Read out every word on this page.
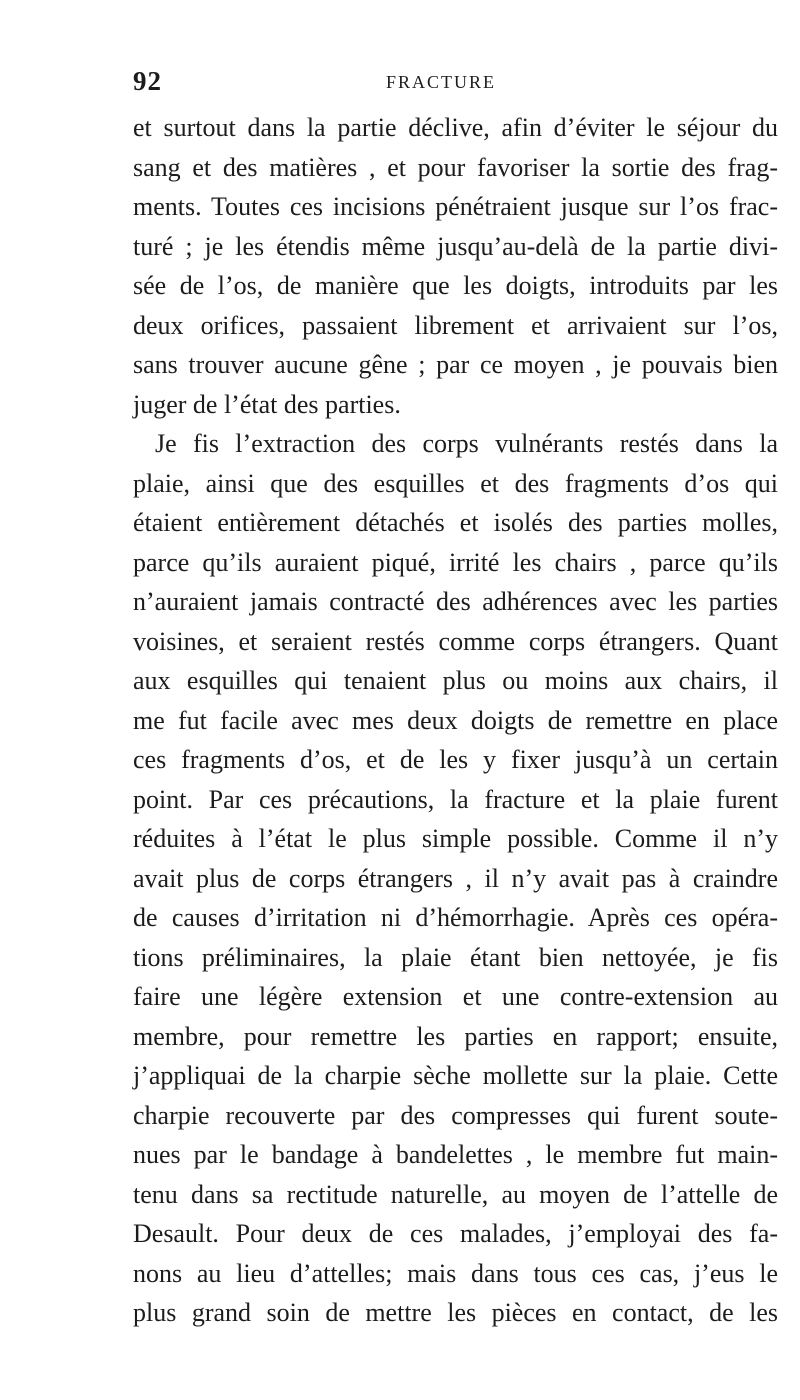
92	FRACTURE
et surtout dans la partie déclive, afin d’éviter le séjour du
sang et des matières , et pour favoriser la sortie des frag-
ments. Toutes ces incisions pénétraient jusque sur l’os frac-
turé ; je les étendis même jusqu’au-delà de la partie divi-
sée de l’os, de manière que les doigts, introduits par les
deux orifices, passaient librement et arrivaient sur l’os,
sans trouver aucune gêne ; par ce moyen , je pouvais bien
juger de l’état des parties.
Je fis l’extraction des corps vulnérants restés dans la
plaie, ainsi que des esquilles et des fragments d’os qui
étaient entièrement détachés et isolés des parties molles,
parce qu’ils auraient piqué, irrité les chairs , parce qu’ils
n’auraient jamais contracté des adhérences avec les parties
voisines, et seraient restés comme corps étrangers. Quant
aux esquilles qui tenaient plus ou moins aux chairs, il
me fut facile avec mes deux doigts de remettre en place
ces fragments d’os, et de les y fixer jusqu’à un certain
point. Par ces précautions, la fracture et la plaie furent
réduites à l’état le plus simple possible. Comme il n’y
avait plus de corps étrangers , il n’y avait pas à craindre
de causes d’irritation ni d’hémorrhagie. Après ces opéra-
tions préliminaires, la plaie étant bien nettoyée, je fis
faire une légère extension et une contre-extension au
membre, pour remettre les parties en rapport; ensuite,
j’appliquai de la charpie sèche mollette sur la plaie. Cette
charpie recouverte par des compresses qui furent soute-
nues par le bandage à bandelettes , le membre fut main-
tenu dans sa rectitude naturelle, au moyen de l’attelle de
Desault. Pour deux de ces malades, j’employai des fa-
nons au lieu d’attelles; mais dans tous ces cas, j’eus le
plus grand soin de mettre les pièces en contact, de les
